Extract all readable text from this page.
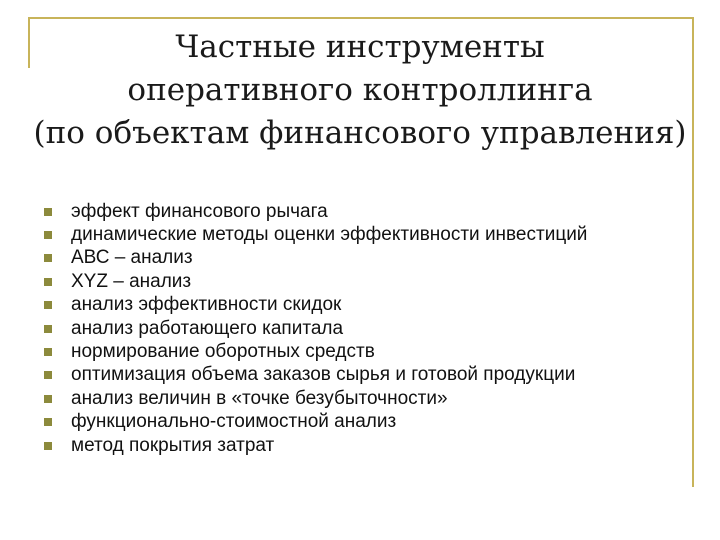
Частные инструменты
оперативного контроллинга
(по объектам финансового управления)
эффект финансового рычага
динамические методы оценки эффективности инвестиций
АВС – анализ
XYZ – анализ
анализ эффективности скидок
анализ работающего капитала
нормирование оборотных средств
оптимизация объема заказов сырья и готовой продукции
анализ величин в «точке безубыточности»
функционально-стоимостной анализ
метод покрытия затрат
